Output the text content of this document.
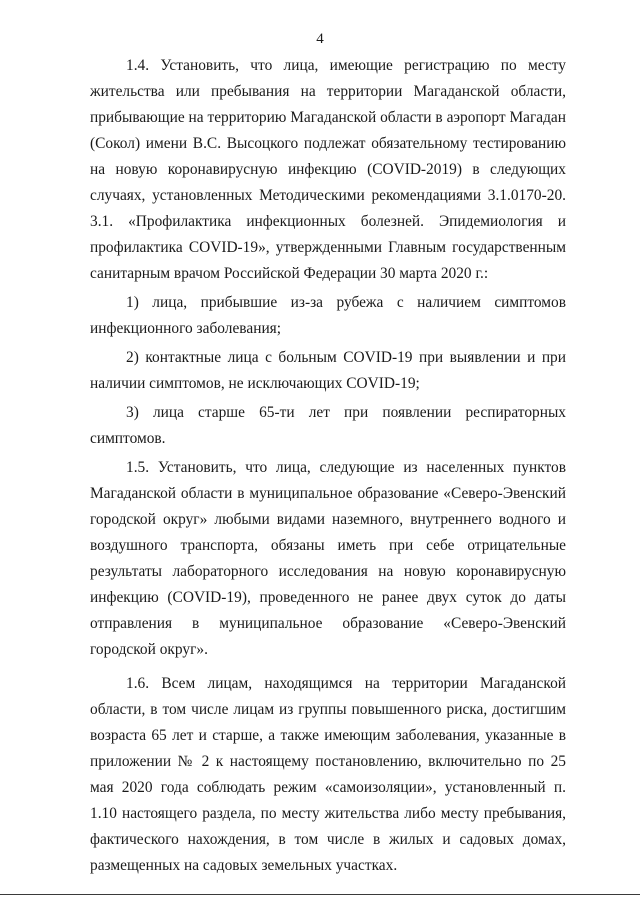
4

1.4. Установить, что лица, имеющие регистрацию по месту жительства или пребывания на территории Магаданской области, прибывающие на территорию Магаданской области в аэропорт Магадан (Сокол) имени В.С. Высоцкого подлежат обязательному тестированию на новую коронавирусную инфекцию (COVID-2019) в следующих случаях, установленных Методическими рекомендациями 3.1.0170-20. 3.1. «Профилактика инфекционных болезней. Эпидемиология и профилактика COVID-19», утвержденными Главным государственным санитарным врачом Российской Федерации 30 марта 2020 г.:

1) лица, прибывшие из-за рубежа с наличием симптомов инфекционного заболевания;

2) контактные лица с больным COVID-19 при выявлении и при наличии симптомов, не исключающих COVID-19;

3) лица старше 65-ти лет при появлении респираторных симптомов.

1.5. Установить, что лица, следующие из населенных пунктов Магаданской области в муниципальное образование «Северо-Эвенский городской округ» любыми видами наземного, внутреннего водного и воздушного транспорта, обязаны иметь при себе отрицательные результаты лабораторного исследования на новую коронавирусную инфекцию (COVID-19), проведенного не ранее двух суток до даты отправления в муниципальное образование «Северо-Эвенский городской округ».

1.6. Всем лицам, находящимся на территории Магаданской области, в том числе лицам из группы повышенного риска, достигшим возраста 65 лет и старше, а также имеющим заболевания, указанные в приложении № 2 к настоящему постановлению, включительно по 25 мая 2020 года соблюдать режим «самоизоляции», установленный п. 1.10 настоящего раздела, по месту жительства либо месту пребывания, фактического нахождения, в том числе в жилых и садовых домах, размещенных на садовых земельных участках.
